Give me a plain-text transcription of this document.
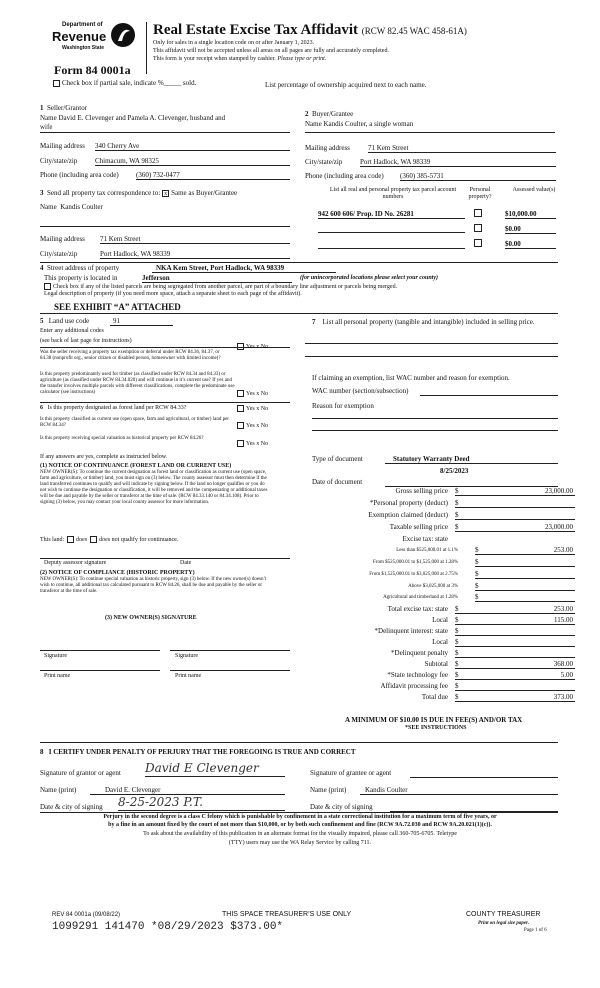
Department of
Revenue
Washington State
Form 84 0001a
Check box if partial sale, indicate %_____ sold.
Real Estate Excise Tax Affidavit (RCW 82.45 WAC 458-61A)
Only for sales in a single location code on or after January 1, 2023.
This affidavit will not be accepted unless all areas on all pages are fully and accurately completed.
This form is your receipt when stamped by cashier. Please type or print.
List percentage of ownership acquired next to each name.
1 Seller/Grantor
Name David E. Clevenger and Pamela A. Clevenger, husband and
wife
Mailing address 340 Cherry Ave
City/state/zip	Chimacum, WA 98325
Phone (including area code) (360) 732-0477
3 Send all property tax correspondence to: x Same as Buyer/Grantee
Name Kandis Coulter
Mailing address 71 Kem Street
City/state/zip	Port Hadlock, WA 98339
2 Buyer/Grantee
Name Kandis Coulter, a single woman
Mailing address	71 Kem Street
City/state/zip	Port Hadlock, WA 98339
Phone (including area code) (360) 385-5731
List all real and personal property tax parcel account numbers
Personal property?
Assessed value(s)
942 600 606/ Prop. ID No. 26281	$10,000.00
$0.00
$0.00
4 Street address of property	NKA Kem Street, Port Hadlock, WA 98339
This property is located in	Jefferson	(for unincorporated locations please select your county)
Check box if any of the listed parcels are being segregated from another parcel, are part of a boundary line adjustment or parcels being merged.
Legal description of property (if you need more space, attach a separate sheet to each page of the affidavit).
SEE EXHIBIT “A” ATTACHED
5 Land use code	91
Enter any additional codes
(see back of last page for instructions)
Was the seller receiving a property tax exemption or deferral under RCW 84.36, 84.37, or 84.38 (nonprofit org., senior citizen or disabled person, homeowner with limited income)?
Yes x No
Is this property predominantly used for timber (as classified under RCW 84.34 and 84.33) or agriculture (as classified under RCW 84.34.020) and will continue in it’s current use? If yes and the transfer involves multiple parcels with different classifications, complete the predominate use calculator (see instructions)	Yes x No
6 Is this property designated as forest land per RCW 84.33?	Yes x No
Is this property classified as current use (open space, farm and agricultural, or timber) land per RCW 84.34?	Yes x No
Is this property receiving special valuation as historical property per RCW 84.26?
Yes x No
If any answers are yes, complete as instructed below.
(1) NOTICE OF CONTINUANCE (FOREST LAND OR CURRENT USE)
NEW OWNER(S): To continue the current designation as forest land or classification as current use (open space, farm and agriculture, or timber) land, you must sign on (3) below. The county assessor must then determine if the land transferred continues to qualify and will indicate by signing below. If the land no longer qualifies or you do not wish to continue the designation or classification, it will be removed and the compensating or additional taxes will be due and payable by the seller or transferor at the time of sale. (RCW 84.33.140 or 84.34.108). Prior to signing (3) below, you may contact your local county assessor for more information.
This land: does does not qualify for continuance.
Deputy assessor signature	Date
(2) NOTICE OF COMPLIANCE (HISTORIC PROPERTY)
NEW OWNER(S): To continue special valuation as historic property, sign (3) below. If the new owner(s) doesn’t wish to continue, all additional tax calculated pursuant to RCW 84.26, shall be due and payable by the seller or transferor at the time of sale.
(3) NEW OWNER(S) SIGNATURE
Signature	Signature
Print name	Print name
7 List all personal property (tangible and intangible) included in selling price.
If claiming an exemption, list WAC number and reason for exemption.
WAC number (section/subsection)
Reason for exemption
Type of document	Statutory Warranty Deed
8/25/2023
Date of document
Gross selling price $	23,000.00

*Personal property (deduct) $

Exemption claimed (deduct) $

Taxable selling price $	23,000.00

Excise tax: state
Less than $525,000.01 at 1.1% $	253.00

From $525,000.01 to $1,525,000 at 1.28% $

From $1,525,000.01 to $3,025,000 at 2.75% $

Above $3,025,000 at 3% $

Agricultural and timberland at 1.28% $

Total excise tax: state $	253.00

Local $	115.00

*Delinquent interest: state $

Local $

*Delinquent penalty $

Subtotal $	368.00

*State technology fee $	5.00

Affidavit processing fee $

Total due $	373.00

A MINIMUM OF $10.00 IS DUE IN FEE(S) AND/OR TAX
*SEE INSTRUCTIONS
8 I CERTIFY UNDER PENALTY OF PERJURY THAT THE FOREGOING IS TRUE AND CORRECT
Signature of grantor or agent David E Clevenger	Signature of grantee or agent
Name (print)	David E. Clevenger	Name (print)	Kandis Coulter
Date & city of signing 8-25-2023 P.T.	Date & city of signing
Perjury in the second degree is a class C felony which is punishable by confinement in a state correctional institution for a maximum term of five years, or
by a fine in an amount fixed by the court of not more than $10,000, or by both such confinement and fine (RCW 9A.72.030 and RCW 9A.20.021(1)(c)).
To ask about the availability of this publication in an alternate format for the visually impaired, please call 360-705-6705. Teletype
(TTY) users may use the WA Relay Service by calling 711.
REV 84 0001a (09/08/22)	THIS SPACE TREASURER’S USE ONLY	COUNTY TREASURER
Print on legal size paper.
Page 1 of 6
1099291 141470 *08/29/2023 $373.00*
